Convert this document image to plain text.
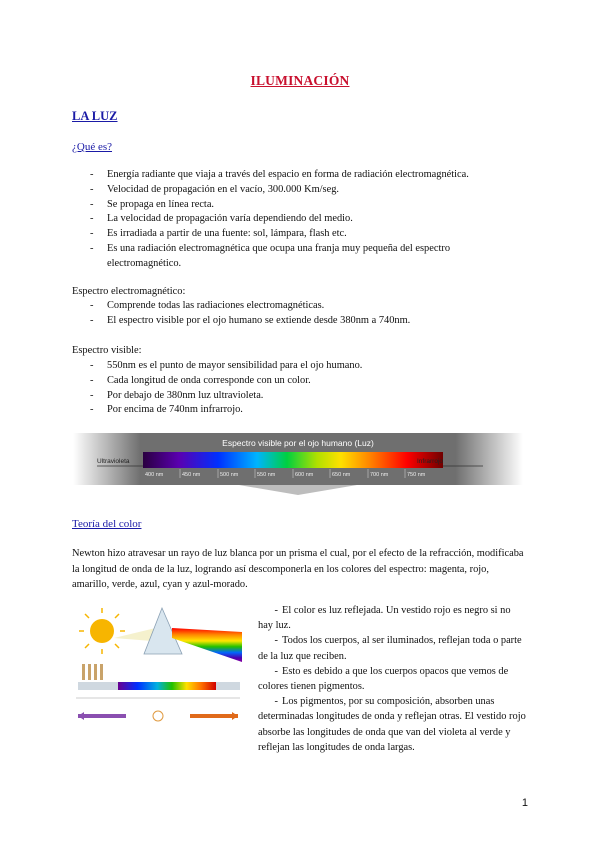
ILUMINACIÓN
LA LUZ
¿Qué es?
- Energía radiante que viaja a través del espacio en forma de radiación electromagnética.
- Velocidad de propagación en el vacío, 300.000 Km/seg.
- Se propaga en línea recta.
- La velocidad de propagación varía dependiendo del medio.
- Es irradiada a partir de una fuente: sol, lámpara, flash etc.
- Es una radiación electromagnética que ocupa una franja muy pequeña del espectro electromagnético.
Espectro electromagnético:
- Comprende todas las radiaciones electromagnéticas.
- El espectro visible por el ojo humano se extiende desde 380nm a 740nm.
Espectro visible:
- 550nm es el punto de mayor sensibilidad para el ojo humano.
- Cada longitud de onda corresponde con un color.
- Por debajo de 380nm luz ultravioleta.
- Por encima de 740nm infrarrojo.
Espectro visible por el ojo humano (Luz)
Ultravioleta	Infrarrojo
400 nm	450 nm	500 nm	550 nm	600 nm	650 nm	700 nm	750 nm
Teoría del color
Newton hizo atravesar un rayo de luz blanca por un prisma el cual, por el efecto de la refracción, modificaba la longitud de onda de la luz, logrando así descomponerla en los colores del espectro: magenta, rojo, amarillo, verde, azul, cyan y azul-morado.

- El color es luz reflejada. Un vestido rojo es negro si no hay luz.

- Todos los cuerpos, al ser iluminados, reflejan toda o parte de la luz que reciben.

- Esto es debido a que los cuerpos opacos que vemos de colores tienen pigmentos.

- Los pigmentos, por su composición, absorben unas determinadas longitudes de onda y reflejan otras. El vestido rojo absorbe las longitudes de onda que van del violeta al verde y reflejan las longitudes de onda largas.

1
